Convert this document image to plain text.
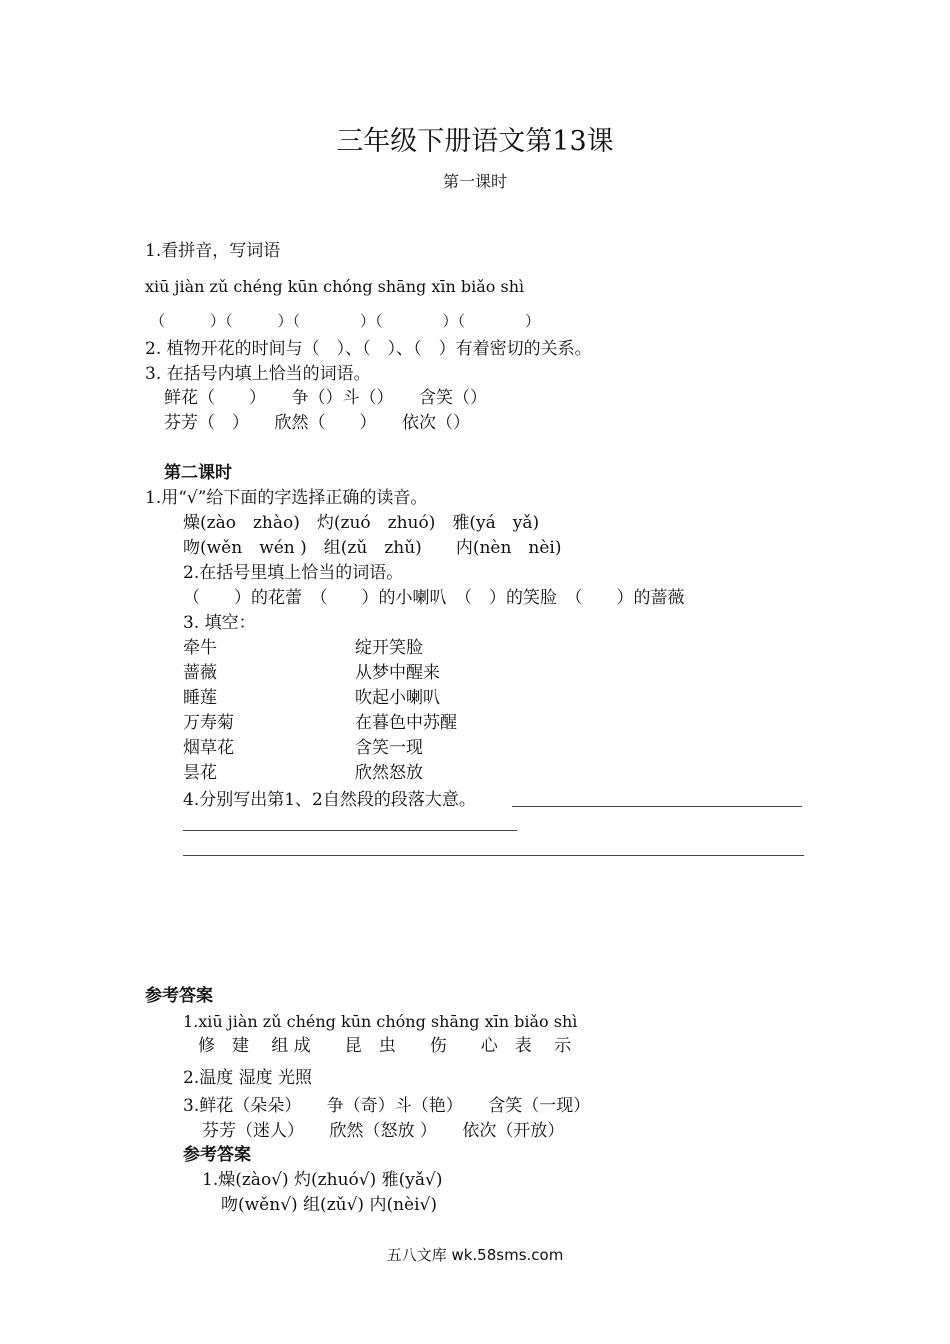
三年级下册语文第13课
第一课时
1.看拼音，写词语
xiū jiàn zǔ chéng kūn chóng shāng xīn biǎo shì
（　　　）（　　　）（　　　　）（　　　　）（　　　　）
2. 植物开花的时间与（　）、（　）、（　）有着密切的关系。
3. 在括号内填上恰当的词语。
鲜花（　　）　　争（）斗（）　　含笑（）
芬芳（　）　　欣然（　　）　　依次（）
第二课时
1.用“√”给下面的字选择正确的读音。
燥(zào　zhào)　灼(zuó　zhuó)　雅(yá　yǎ)
吻(wěn　wén )　组(zǔ　zhǔ)　　内(nèn　nèi)
2.在括号里填上恰当的词语。
（　　）的花蕾　（　　）的小喇叭　（　）的笑脸　（　　）的蔷薇
3. 填空：
牵牛	绽开笑脸
蔷薇	从梦中醒来
睡莲	吹起小喇叭
万寿菊	在暮色中苏醒
烟草花	含笑一现
昙花	欣然怒放
4.分别写出第1、2自然段的段落大意。
参考答案
1.xiū jiàn zǔ chéng kūn chóng shāng xīn biǎo shì
修　建　 组 成　　昆　虫　　伤　　心　表　 示
2.温度 湿度 光照
3.鲜花（朵朵）　　争（奇）斗（艳）　　含笑（一现）
芬芳（迷人）　　欣然（怒放 ）　　依次（开放）
参考答案
1.燥(zào√) 灼(zhuó√) 雅(yǎ√)
吻(wěn√) 组(zǔ√) 内(nèi√)
五八文库 wk.58sms.com
